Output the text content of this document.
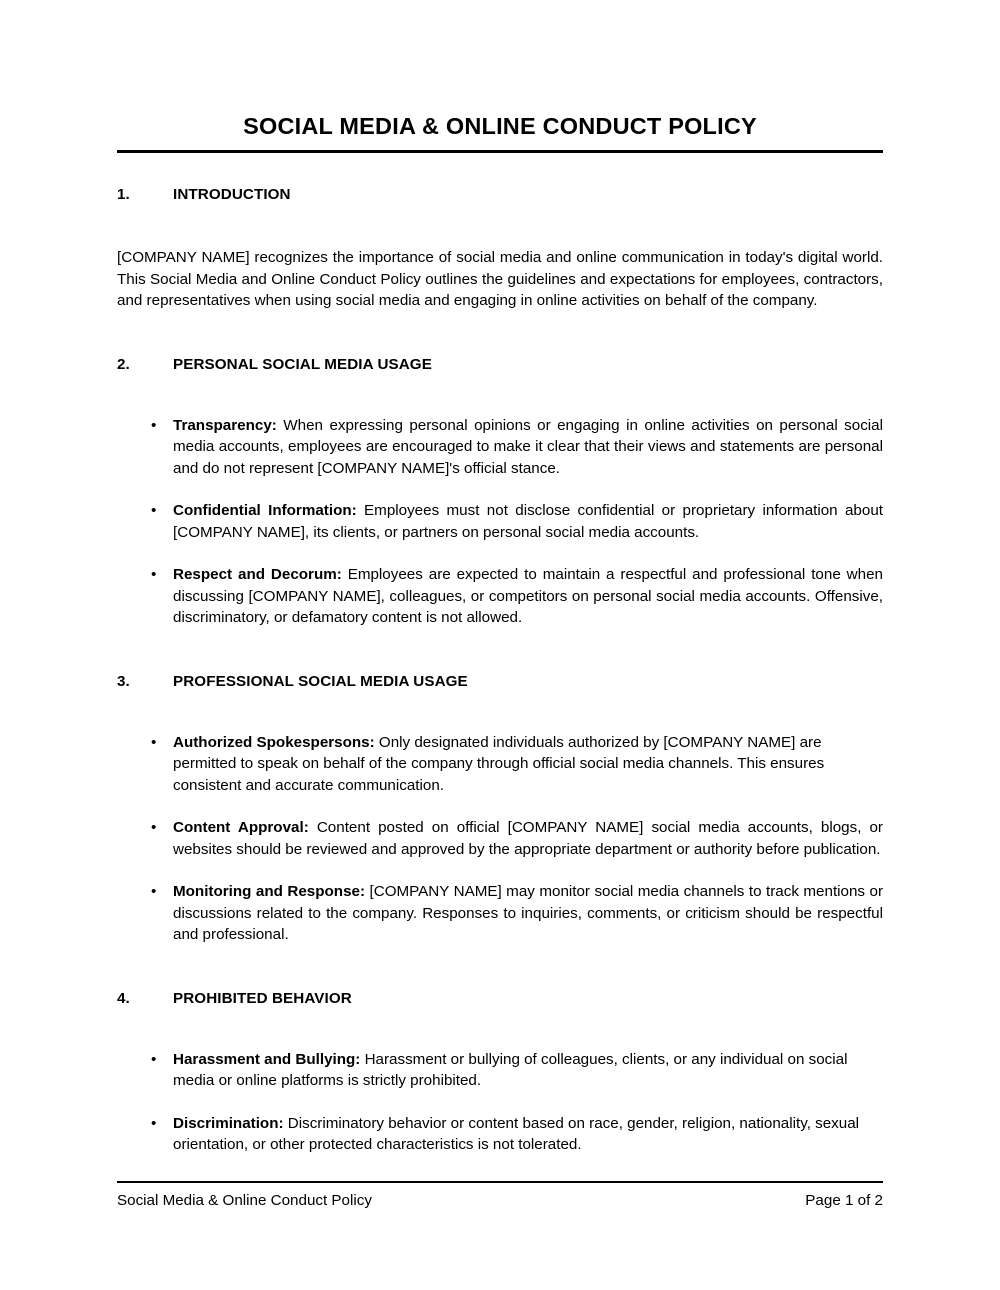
SOCIAL MEDIA & ONLINE CONDUCT POLICY
1.	INTRODUCTION

[COMPANY NAME] recognizes the importance of social media and online communication in today's digital world. This Social Media and Online Conduct Policy outlines the guidelines and expectations for employees, contractors, and representatives when using social media and engaging in online activities on behalf of the company.

2.	PERSONAL SOCIAL MEDIA USAGE
• Transparency: When expressing personal opinions or engaging in online activities on personal social media accounts, employees are encouraged to make it clear that their views and statements are personal and do not represent [COMPANY NAME]'s official stance.
• Confidential Information: Employees must not disclose confidential or proprietary information about [COMPANY NAME], its clients, or partners on personal social media accounts.
• Respect and Decorum: Employees are expected to maintain a respectful and professional tone when discussing [COMPANY NAME], colleagues, or competitors on personal social media accounts. Offensive, discriminatory, or defamatory content is not allowed.
3.	PROFESSIONAL SOCIAL MEDIA USAGE
• Authorized Spokespersons: Only designated individuals authorized by [COMPANY NAME] are permitted to speak on behalf of the company through official social media channels. This ensures consistent and accurate communication.
• Content Approval: Content posted on official [COMPANY NAME] social media accounts, blogs, or websites should be reviewed and approved by the appropriate department or authority before publication.
• Monitoring and Response: [COMPANY NAME] may monitor social media channels to track mentions or discussions related to the company. Responses to inquiries, comments, or criticism should be respectful and professional.
4.	PROHIBITED BEHAVIOR
• Harassment and Bullying: Harassment or bullying of colleagues, clients, or any individual on social media or online platforms is strictly prohibited.
• Discrimination: Discriminatory behavior or content based on race, gender, religion, nationality, sexual orientation, or other protected characteristics is not tolerated.
Social Media & Online Conduct Policy	Page 1 of 2
